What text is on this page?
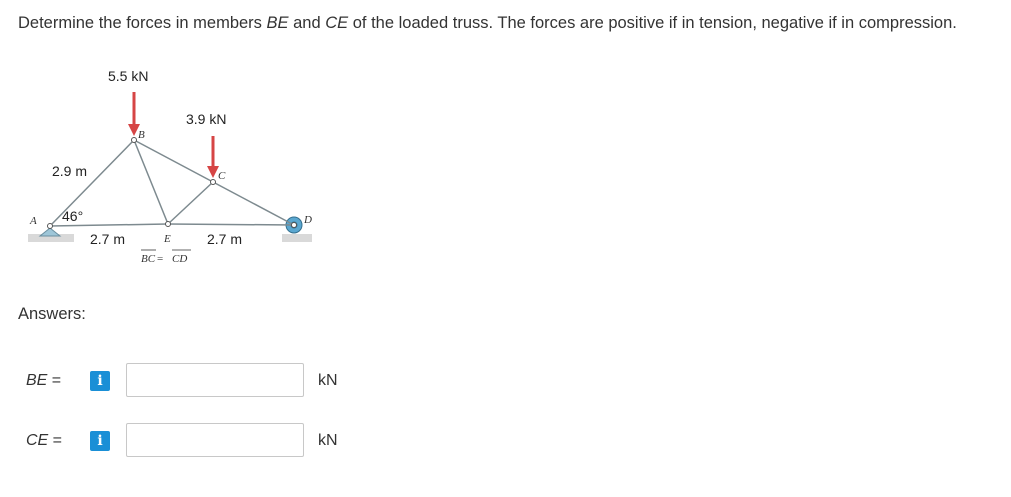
Determine the forces in members BE and CE of the loaded truss. The forces are positive if in tension, negative if in compression.
5.5 kN
3.9 kN
2.9 m
46°
2.7 m	2.7 m
A
B
C
D
E
BC = CD
Answers:
BE =	i	kN
CE =	i	kN
